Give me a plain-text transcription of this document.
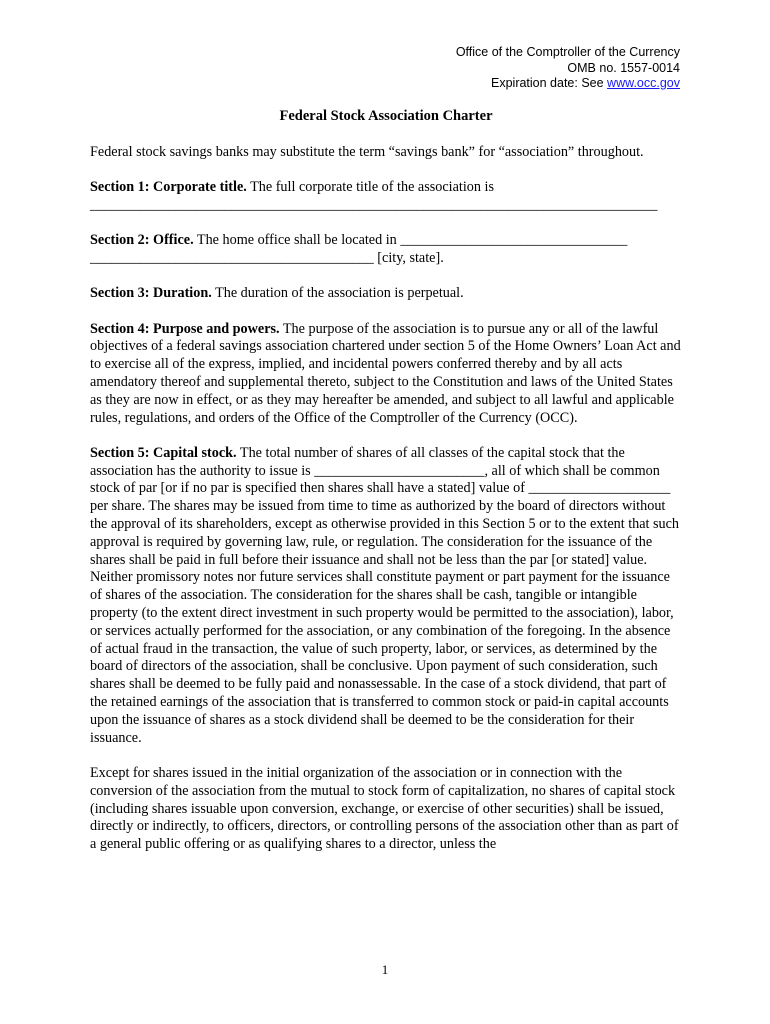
Office of the Comptroller of the Currency
OMB no. 1557-0014
Expiration date: See www.occ.gov
Federal Stock Association Charter

Federal stock savings banks may substitute the term “savings bank” for “association” throughout.

Section 1: Corporate title. The full corporate title of the association is ________________________________________________________________________________

Section 2: Office. The home office shall be located in ________________________________ ________________________________________ [city, state].

Section 3: Duration. The duration of the association is perpetual.

Section 4: Purpose and powers. The purpose of the association is to pursue any or all of the lawful objectives of a federal savings association chartered under section 5 of the Home Owners’ Loan Act and to exercise all of the express, implied, and incidental powers conferred thereby and by all acts amendatory thereof and supplemental thereto, subject to the Constitution and laws of the United States as they are now in effect, or as they may hereafter be amended, and subject to all lawful and applicable rules, regulations, and orders of the Office of the Comptroller of the Currency (OCC).

Section 5: Capital stock. The total number of shares of all classes of the capital stock that the association has the authority to issue is ________________________, all of which shall be common stock of par [or if no par is specified then shares shall have a stated] value of ____________________ per share. The shares may be issued from time to time as authorized by the board of directors without the approval of its shareholders, except as otherwise provided in this Section 5 or to the extent that such approval is required by governing law, rule, or regulation. The consideration for the issuance of the shares shall be paid in full before their issuance and shall not be less than the par [or stated] value. Neither promissory notes nor future services shall constitute payment or part payment for the issuance of shares of the association. The consideration for the shares shall be cash, tangible or intangible property (to the extent direct investment in such property would be permitted to the association), labor, or services actually performed for the association, or any combination of the foregoing. In the absence of actual fraud in the transaction, the value of such property, labor, or services, as determined by the board of directors of the association, shall be conclusive. Upon payment of such consideration, such shares shall be deemed to be fully paid and nonassessable. In the case of a stock dividend, that part of the retained earnings of the association that is transferred to common stock or paid-in capital accounts upon the issuance of shares as a stock dividend shall be deemed to be the consideration for their issuance.

Except for shares issued in the initial organization of the association or in connection with the conversion of the association from the mutual to stock form of capitalization, no shares of capital stock (including shares issuable upon conversion, exchange, or exercise of other securities) shall be issued, directly or indirectly, to officers, directors, or controlling persons of the association other than as part of a general public offering or as qualifying shares to a director, unless the

1
